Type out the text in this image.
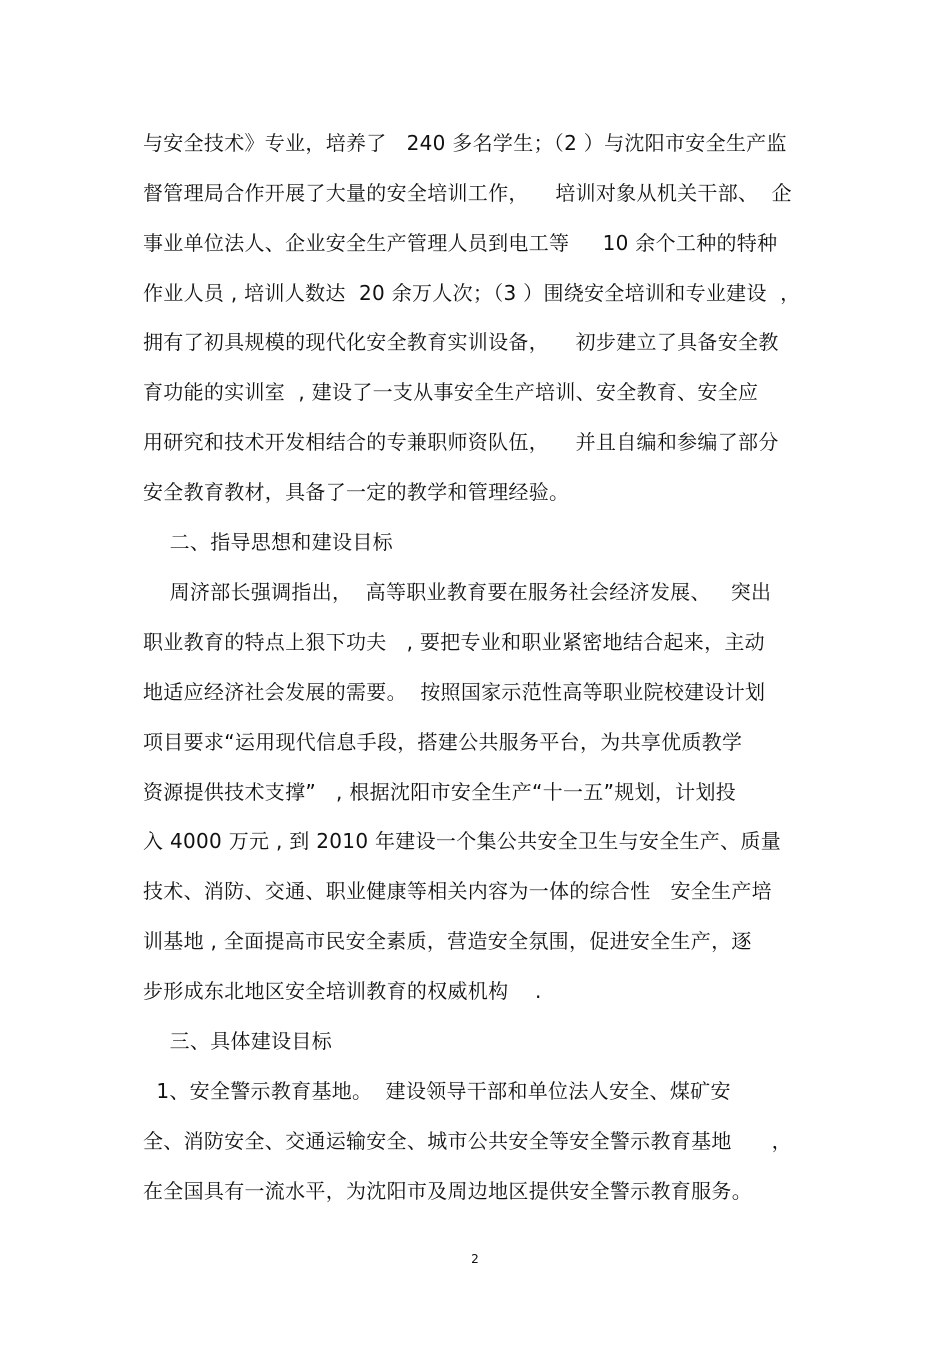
与安全技术》专业，培养了   240 多名学生；（2 ）与沈阳市安全生产监
督管理局合作开展了大量的安全培训工作，    培训对象从机关干部、  企
事业单位法人、企业安全生产管理人员到电工等     10 余个工种的特种
作业人员 , 培训人数达  20 余万人次；（3 ）围绕安全培训和专业建设  ，
拥有了初具规模的现代化安全教育实训设备，    初步建立了具备安全教
育功能的实训室  , 建设了一支从事安全生产培训、安全教育、安全应
用研究和技术开发相结合的专兼职师资队伍，    并且自编和参编了部分
安全教育教材，具备了一定的教学和管理经验。
二、指导思想和建设目标
周济部长强调指出，  高等职业教育要在服务社会经济发展、   突出
职业教育的特点上狠下功夫   , 要把专业和职业紧密地结合起来，主动
地适应经济社会发展的需要。  按照国家示范性高等职业院校建设计划
项目要求“运用现代信息手段，搭建公共服务平台，为共享优质教学
资源提供技术支撑”   , 根据沈阳市安全生产“十一五”规划，计划投
入 4000 万元 , 到 2010 年建设一个集公共安全卫生与安全生产、质量
技术、消防、交通、职业健康等相关内容为一体的综合性   安全生产培
训基地 , 全面提高市民安全素质，营造安全氛围，促进安全生产，逐
步形成东北地区安全培训教育的权威机构    .
三、具体建设目标
1、安全警示教育基地。  建设领导干部和单位法人安全、煤矿安
全、消防安全、交通运输安全、城市公共安全等安全警示教育基地      ，
在全国具有一流水平，为沈阳市及周边地区提供安全警示教育服务。
2
